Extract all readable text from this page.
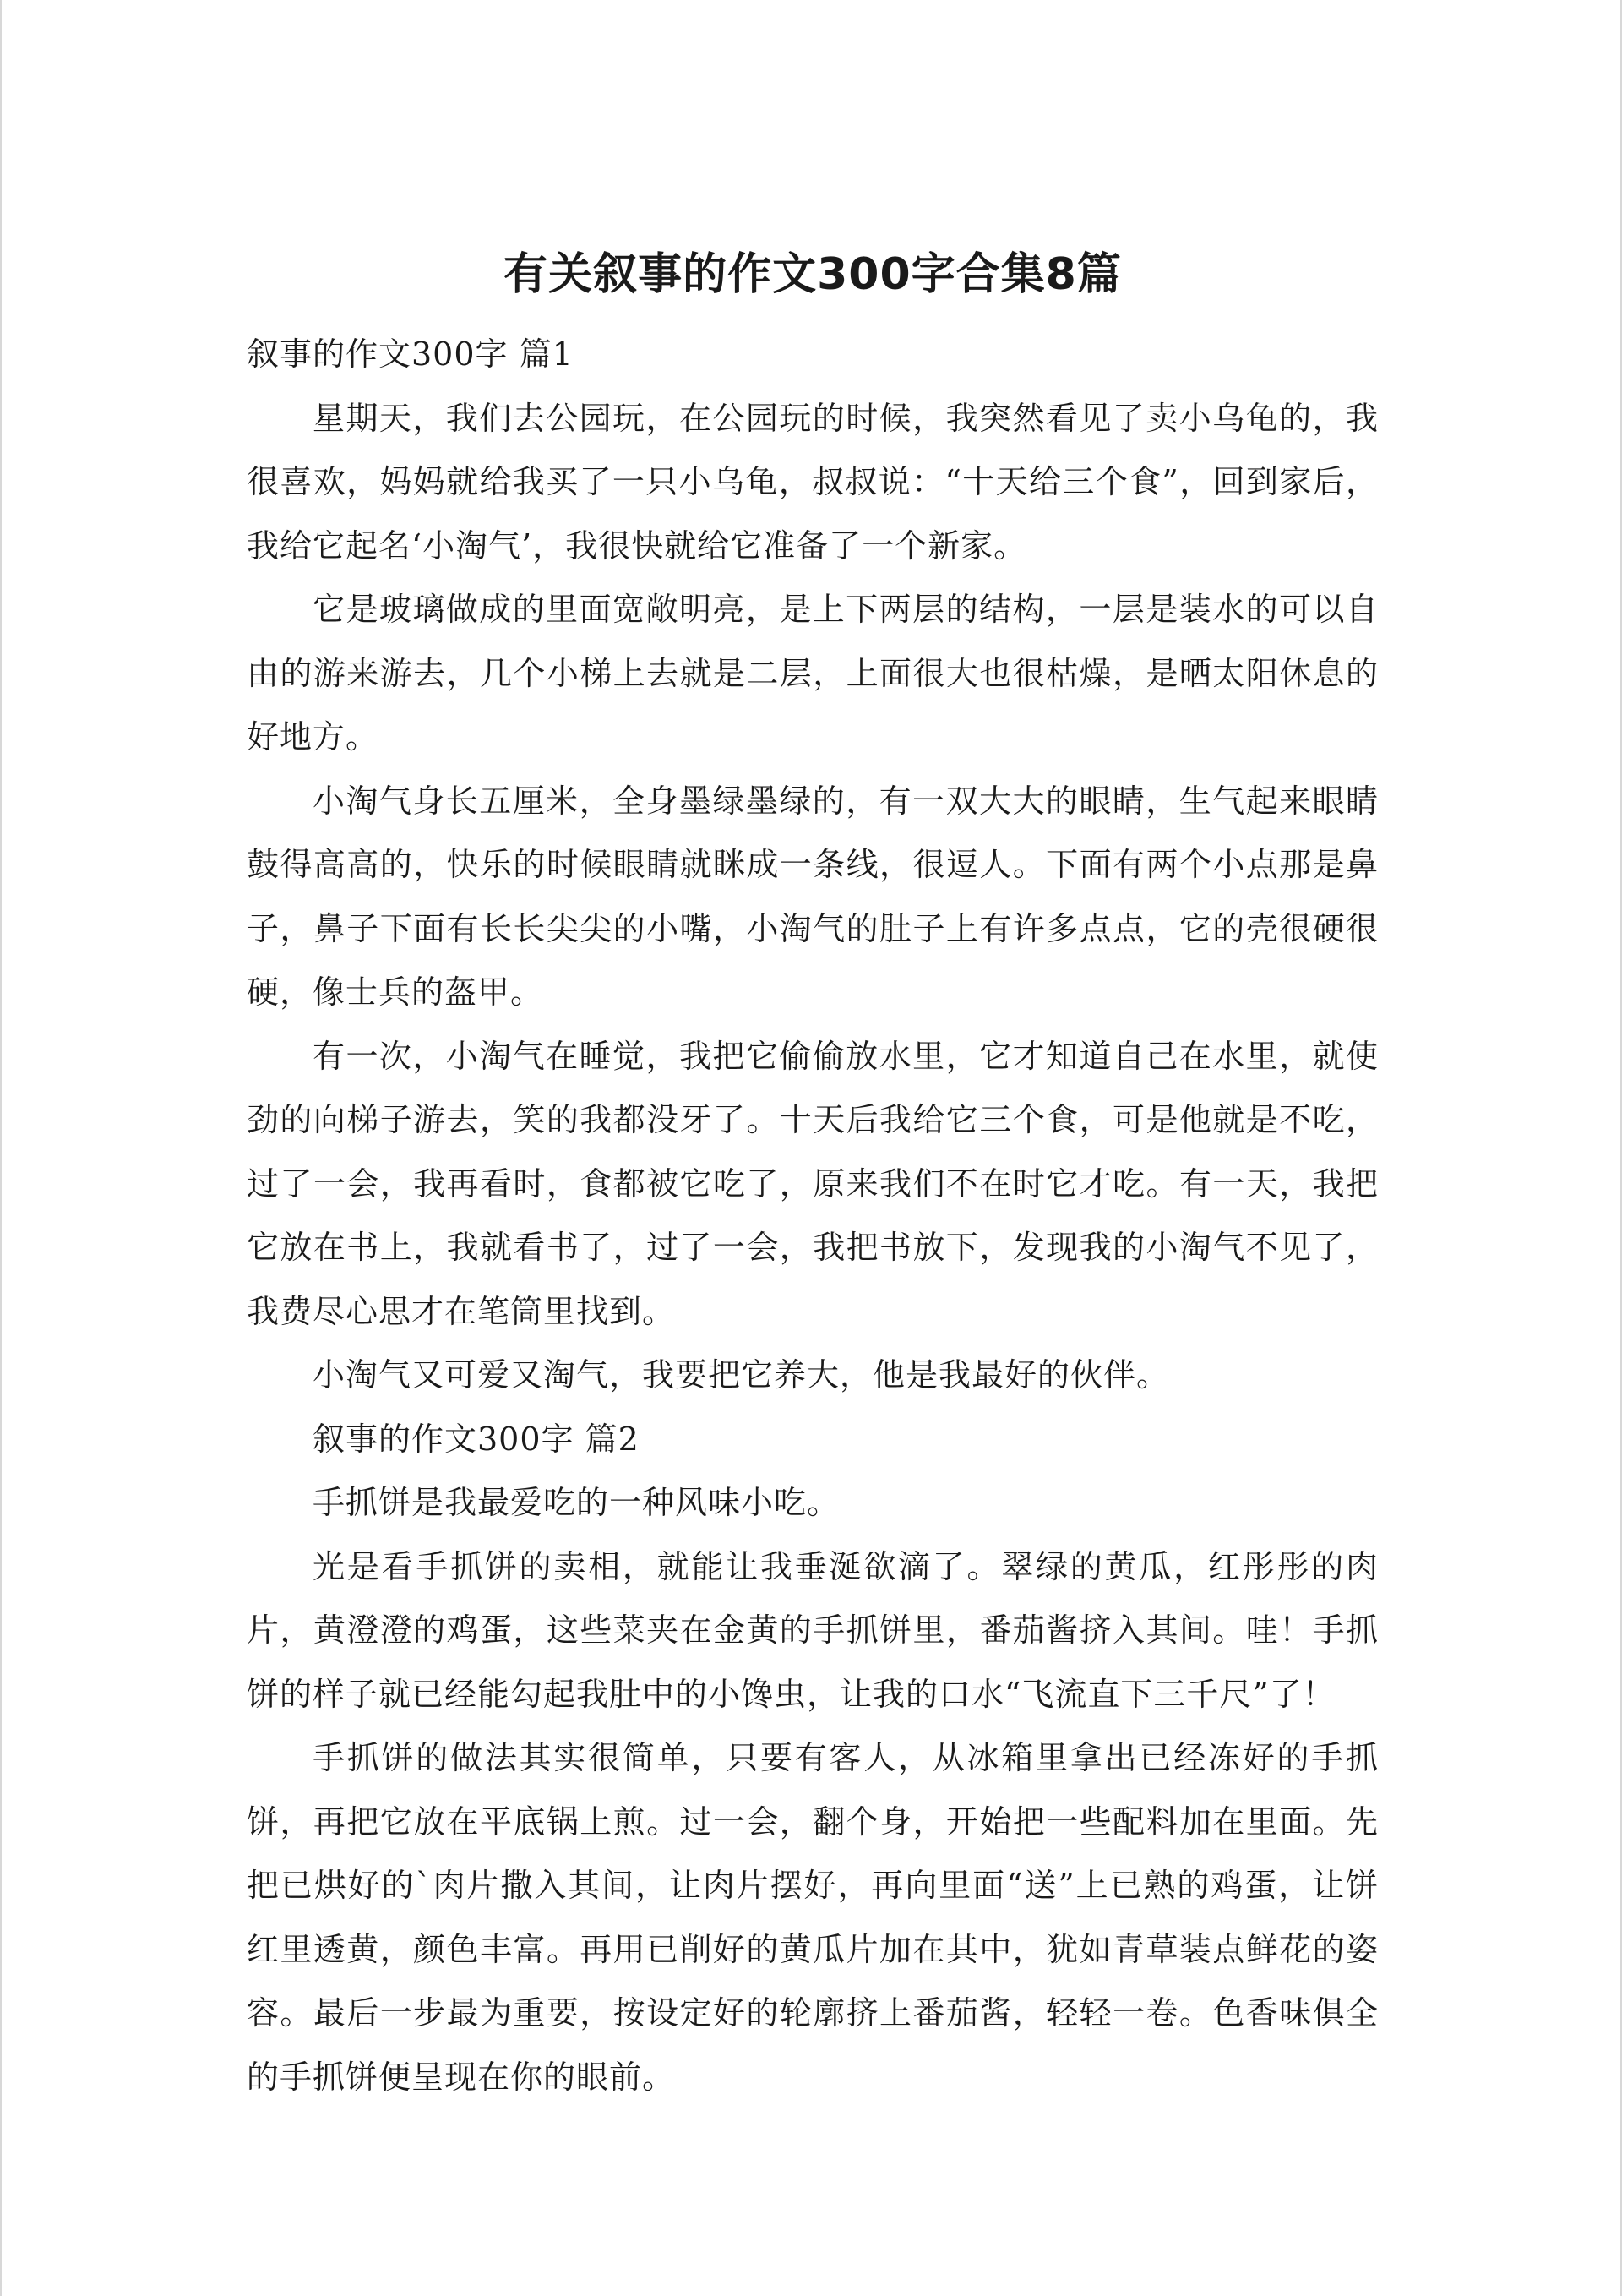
有关叙事的作文300字合集8篇

叙事的作文300字 篇1

星期天，我们去公园玩，在公园玩的时候，我突然看见了卖小乌龟的，我很喜欢，妈妈就给我买了一只小乌龟，叔叔说：“十天给三个食”，回到家后，我给它起名‘小淘气’，我很快就给它准备了一个新家。

它是玻璃做成的里面宽敞明亮，是上下两层的结构，一层是装水的可以自由的游来游去，几个小梯上去就是二层，上面很大也很枯燥，是晒太阳休息的好地方。

小淘气身长五厘米，全身墨绿墨绿的，有一双大大的眼睛，生气起来眼睛鼓得高高的，快乐的时候眼睛就眯成一条线，很逗人。下面有两个小点那是鼻子，鼻子下面有长长尖尖的小嘴，小淘气的肚子上有许多点点，它的壳很硬很硬，像士兵的盔甲。

有一次，小淘气在睡觉，我把它偷偷放水里，它才知道自己在水里，就使劲的向梯子游去，笑的我都没牙了。十天后我给它三个食，可是他就是不吃，过了一会，我再看时，食都被它吃了，原来我们不在时它才吃。有一天，我把它放在书上，我就看书了，过了一会，我把书放下，发现我的小淘气不见了，我费尽心思才在笔筒里找到。

小淘气又可爱又淘气，我要把它养大，他是我最好的伙伴。

叙事的作文300字 篇2

手抓饼是我最爱吃的一种风味小吃。

光是看手抓饼的卖相，就能让我垂涎欲滴了。翠绿的黄瓜，红彤彤的肉片，黄澄澄的鸡蛋，这些菜夹在金黄的手抓饼里，番茄酱挤入其间。哇！手抓饼的样子就已经能勾起我肚中的小馋虫，让我的口水“飞流直下三千尺”了！

手抓饼的做法其实很简单，只要有客人，从冰箱里拿出已经冻好的手抓饼，再把它放在平底锅上煎。过一会，翻个身，开始把一些配料加在里面。先把已烘好的`肉片撒入其间，让肉片摆好，再向里面“送”上已熟的鸡蛋，让饼红里透黄，颜色丰富。再用已削好的黄瓜片加在其中，犹如青草装点鲜花的姿容。最后一步最为重要，按设定好的轮廓挤上番茄酱，轻轻一卷。色香味俱全的手抓饼便呈现在你的眼前。
